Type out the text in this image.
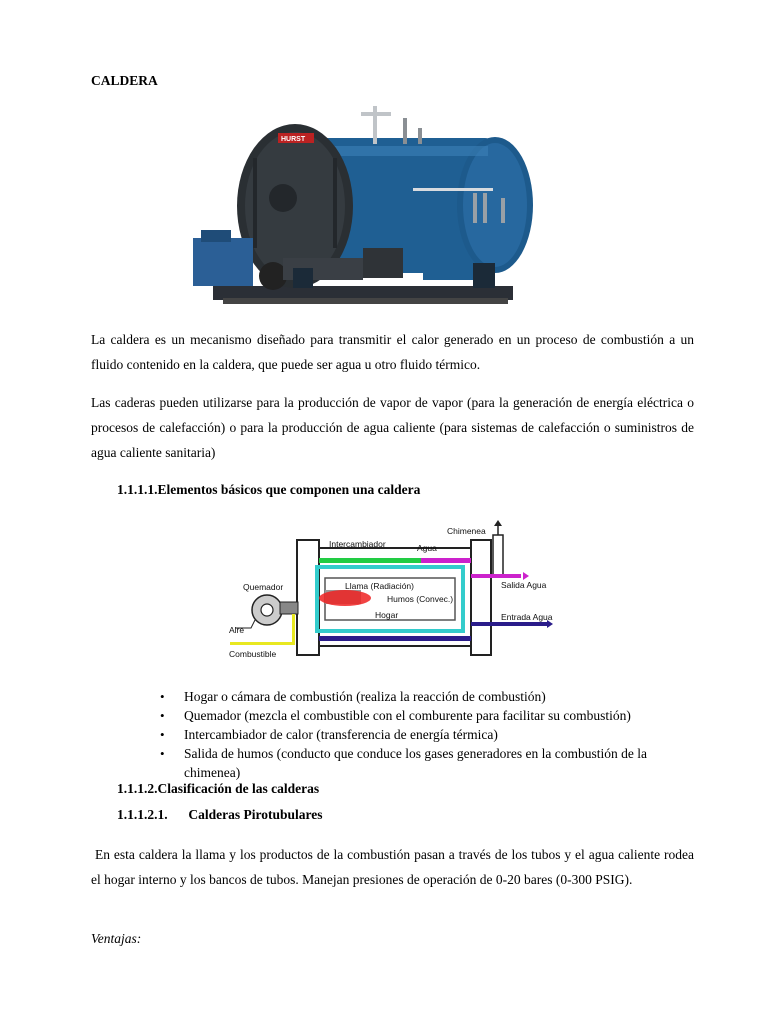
CALDERA
HURST
La caldera es un mecanismo diseñado para transmitir el calor generado en un proceso de combustión a un fluido contenido en la caldera, que puede ser agua u otro fluido térmico.
Las caderas pueden utilizarse para la producción de vapor de vapor (para la generación de energía eléctrica o procesos de calefacción) o para la producción de agua caliente (para sistemas de calefacción o suministros de agua caliente sanitaria)
1.1.1.1.Elementos básicos que componen una caldera
Chimenea
Intercambiador	Agua
Quemador	Llama (Radiación)
Humos (Convec.)
Hogar
Aire
Combustible
Salida Agua
Entrada Agua
• Hogar o cámara de combustión (realiza la reacción de combustión)
• Quemador (mezcla el combustible con el comburente para facilitar su combustión)
• Intercambiador de calor (transferencia de energía térmica)
• Salida de humos (conducto que conduce los gases generadores en la combustión de la chimenea)
1.1.1.2.Clasificación de las calderas
1.1.1.2.1. Calderas Pirotubulares
En esta caldera la llama y los productos de la combustión pasan a través de los tubos y el agua caliente rodea el hogar interno y los bancos de tubos. Manejan presiones de operación de 0-20 bares (0-300 PSIG).
Ventajas:
